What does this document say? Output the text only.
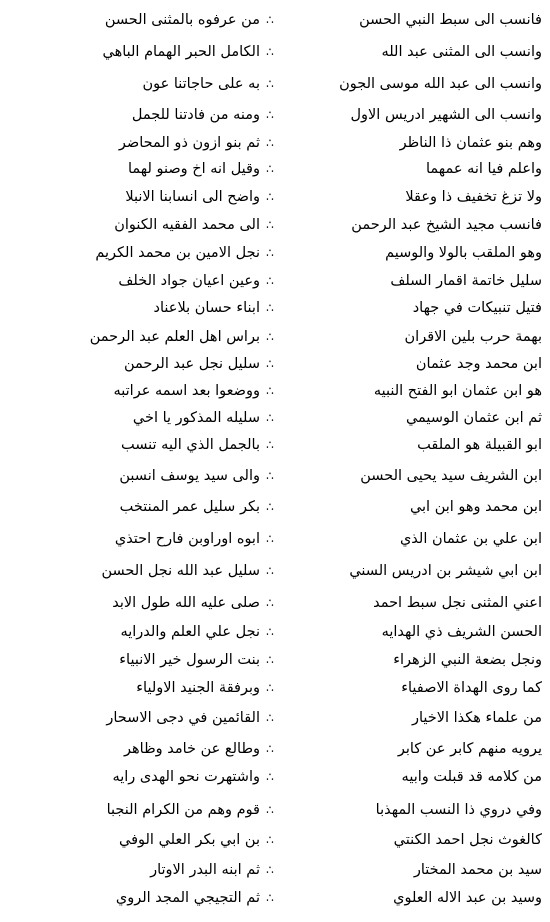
فانسب الى سبط النبي الحسن
∴
من عرفوه بالمثنى الحسن
وانسب الى المثنى عبد الله
∴
الكامل الحبر الهمام الباهي
وانسب الى عبد الله موسى الجون
∴
به على حاجاتنا عون
وانسب الى الشهير ادريس الاول
∴
ومنه من فادتنا للجمل
وهم بنو عثمان ذا الناظر
∴
ثم بنو ازون ذو المحاضر
واعلم فيا انه عمهما
∴
وقيل انه اخ وصنو لهما
ولا تزغ تخفيف ذا وعقلا
∴
واضح الى انسابنا الانبلا
فانسب مجيد الشيخ عبد الرحمن
∴
الى محمد الفقيه الكنوان
وهو الملقب بالولا والوسيم
∴
نجل الامين بن محمد الكريم
سليل خاتمة اقمار السلف
∴
وعين اعيان جواد الخلف
فتيل تنبيكات في جهاد
∴
ابناء حسان بلاعناد
بهمة حرب بلين الاقران
∴
براس اهل العلم عبد الرحمن
ابن محمد وجد عثمان
∴
سليل نجل عبد الرحمن
هو ابن عثمان ابو الفتح النبيه
∴
ووضعوا بعد اسمه عراتبه
ثم ابن عثمان الوسيمي
∴
سليله المذكور يا اخي
ابو القبيلة هو الملقب
∴
بالجمل الذي اليه تنسب
ابن الشريف سيد يحيى الحسن
∴
والى سيد يوسف انسبن
ابن محمد وهو ابن ابي
∴
بكر سليل عمر المنتخب
ابن علي بن عثمان الذي
∴
ابوه اوراوبن فارح احتذي
ابن ابي شيشر بن ادريس السني
∴
سليل عبد الله نجل الحسن
اعني المثنى نجل سبط احمد
∴
صلى عليه الله طول الابد
الحسن الشريف ذي الهدايه
∴
نجل علي العلم والدرايه
ونجل بضعة النبي الزهراء
∴
بنت الرسول خير الانبياء
كما روى الهداة الاصفياء
∴
وبرفقة الجنيد الاولياء
من علماء هكذا الاخيار
∴
القائمين في دجى الاسحار
يرويه منهم كابر عن كابر
∴
وطالع عن خامد وظاهر
من كلامه قد قبلت وابيه
∴
واشتهرت نحو الهدى رايه
وفي دروي ذا النسب المهذبا
∴
قوم وهم من الكرام النجبا
كالغوث نجل احمد الكنتي
∴
بن ابي بكر العلي الوفي
سيد بن محمد المختار
∴
ثم ابنه البدر الاوتار
وسيد بن عبد الاله العلوي
∴
ثم التجيجي المجد الروي
